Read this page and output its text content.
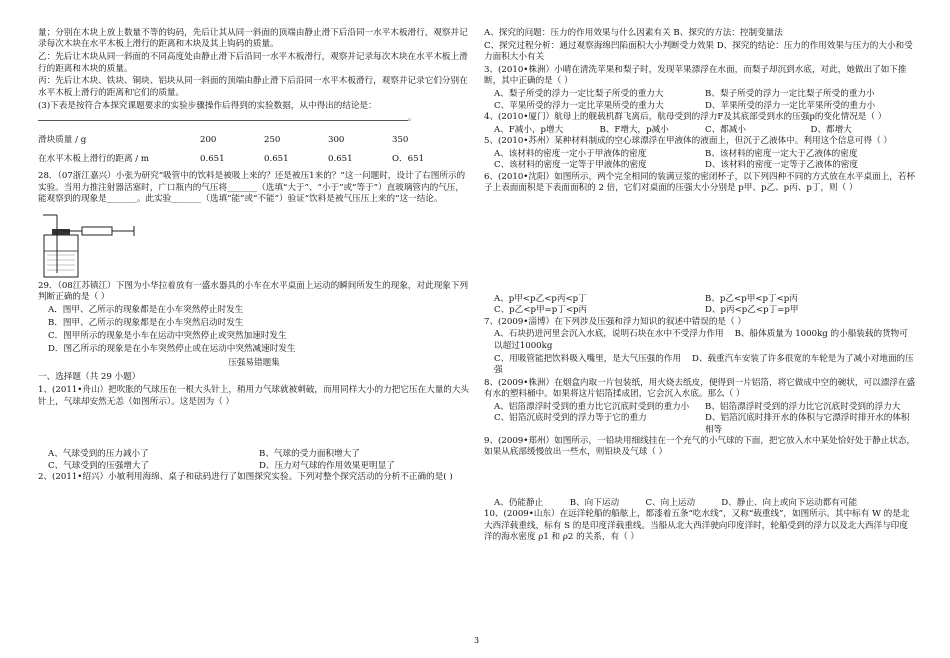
量；分别在木块上放上数量不等的钩码，先后让其从同一斜面的顶端由静止滑下后沿同一水平木板滑行，观察并记录每次木块在水平木板上滑行的距离和木块及其上钩码的质量。

乙：先后让木块从同一斜面的不同高度处由静止滑下后沿同一水平木板滑行，观察并记录每次木块在水平木板上滑行的距离和木块的质量。

丙：先后让木块、铁块、铜块、铝块从同一斜面的顶端由静止滑下后沿同一水平木板滑行，观察并记录它们分别在水平木板上滑行的距离和它们的质量。

(3)下表是按符合本探究课题要求的实验步骤操作后得到的实验数据，从中得出的结论是：

。
滑块质量 / g	200	250	300	350
在水平木板上滑行的距离 / m	0.651	0.651	0.651	O．651

28．（07浙江嘉兴）小张为研究“吸管中的饮料是被吸上来的？还是被压1来的？”这一问题时，设计了右图所示的实验。当用力推注射器活塞时，广口瓶内的气压将_______（选填“大于”、“小于”或“等于”）直玻璃管内的气压，能观察到的现象是_______。此实验_______（选填“能”或“不能”）验证“饮料是被气压压上来的”这一结论。

29．（08江苏镇江）下图为小华拉着放有一盛水器具的小车在水平桌面上运动的瞬间所发生的现象，对此现象下列判断正确的是（ ）

A．图甲、乙所示的现象都是在小车突然停止时发生

B．图甲、乙所示的现象都是在小车突然启动时发生

C．图甲所示的现象是小车在运动中突然停止或突然加速时发生

D．图乙所示的现象是在小车突然停止或在运动中突然减速时发生

压强易错题集

一、选择题（共 29 小题）

1、(2011•舟山）把吹胀的气球压在一根大头针上，稍用力气球就被刺破，而用同样大小的力把它压在大量的大头针上，气球却安然无恙（如图所示）。这是因为（ ）

A、气球受到的压力减小了	B、气球的受力面积增大了
C、气球受到的压强增大了	D、压力对气球的作用效果更明显了

2、(2011•绍兴）小敏利用海绵、桌子和砝码进行了如图探究实验。下列对整个探究活动的分析不正确的是( )

A、探究的问题：压力的作用效果与什么因素有关 B、探究的方法：控制变量法

C、探究过程分析：通过观察海绵凹陷面积大小判断受力效果 D、探究的结论：压力的作用效果与压力的大小和受力面积大小有关

3、(2010•株洲）小晴在清洗苹果和梨子时，发现苹果漂浮在水面，而梨子却沉到水底，对此，她做出了如下推断，其中正确的是（ ）

A、梨子所受的浮力一定比梨子所受的重力大	B、梨子所受的浮力一定比梨子所受的重力小
C、苹果所受的浮力一定比苹果所受的重力大	D、苹果所受的浮力一定比苹果所受的重力小

4、(2010•厦门）航母上的舰载机群飞离后，航母受到的浮力F及其底部受到水的压强p的变化情况是（ ）

A、F减小，p增大	B、F增大，p减小	C、都减小	D、都增大

5、(2010•苏州）某种材料制成的空心球漂浮在甲液体的液面上，但沉于乙液体中。利用这个信息可得（ ）

A、该材料的密度一定小于甲液体的密度	B、该材料的密度一定大于乙液体的密度
C、该材料的密度一定等于甲液体的密度	D、该材料的密度一定等于乙液体的密度

6、(2010•沈阳）如图所示，两个完全相同的装满豆浆的密闭杯子，以下列四种不同的方式放在水平桌面上，若杯子上表面面积是下表面面积的 2 倍，它们对桌面的压强大小分别是 p甲、p乙、p丙、p丁，则（ ）

A、p甲<p乙<p丙<p丁	B、p乙<p甲<p丁<p丙
C、p乙<p甲=p丁<p丙	D、p丙<p乙<p丁=p甲

7、(2009•淄博）在下列涉及压强和浮力知识的叙述中错误的是（ ）

A、石块扔进河里会沉入水底，说明石块在水中不受浮力作用 B、船体质量为 1000kg 的小船装载的货物可以超过1000kg

C、用吸管能把饮料吸入嘴里，是大气压强的作用 D、载重汽车安装了许多很宽的车轮是为了减小对地面的压强

8、(2009•株洲）在烟盒内取一片包装纸，用火烧去纸皮，便得到一片铝箔，将它做成中空的碗状，可以漂浮在盛有水的塑料桶中。如果将这片铝箔揉成团，它会沉入水底。那么（ ）

A、铝箔漂浮时受到的重力比它沉底时受到的重力小	B、铝箔漂浮时受到的浮力比它沉底时受到的浮力大
C、铝箔沉底时受到的浮力等于它的重力	D、铝箔沉底时排开水的体积与它漂浮时排开水的体积相等

9、(2009•郑州）如图所示，一铅块用细线挂在一个充气的小气球的下面，把它放入水中某处恰好处于静止状态，如果从底部缓慢放出一些水，则铅块及气球（ ）

A、仍能静止	B、向下运动	C、向上运动	D、静止、向上或向下运动都有可能

10、(2009•山东）在远洋轮船的船舷上，都漆着五条“吃水线”，又称“载重线”，如图所示。其中标有 W 的是北大西洋载重线，标有 S 的是印度洋载重线。当船从北大西洋驶向印度洋时，轮船受到的浮力以及北大西洋与印度洋的海水密度 ρ1 和 ρ2 的关系，有（ ）

3
